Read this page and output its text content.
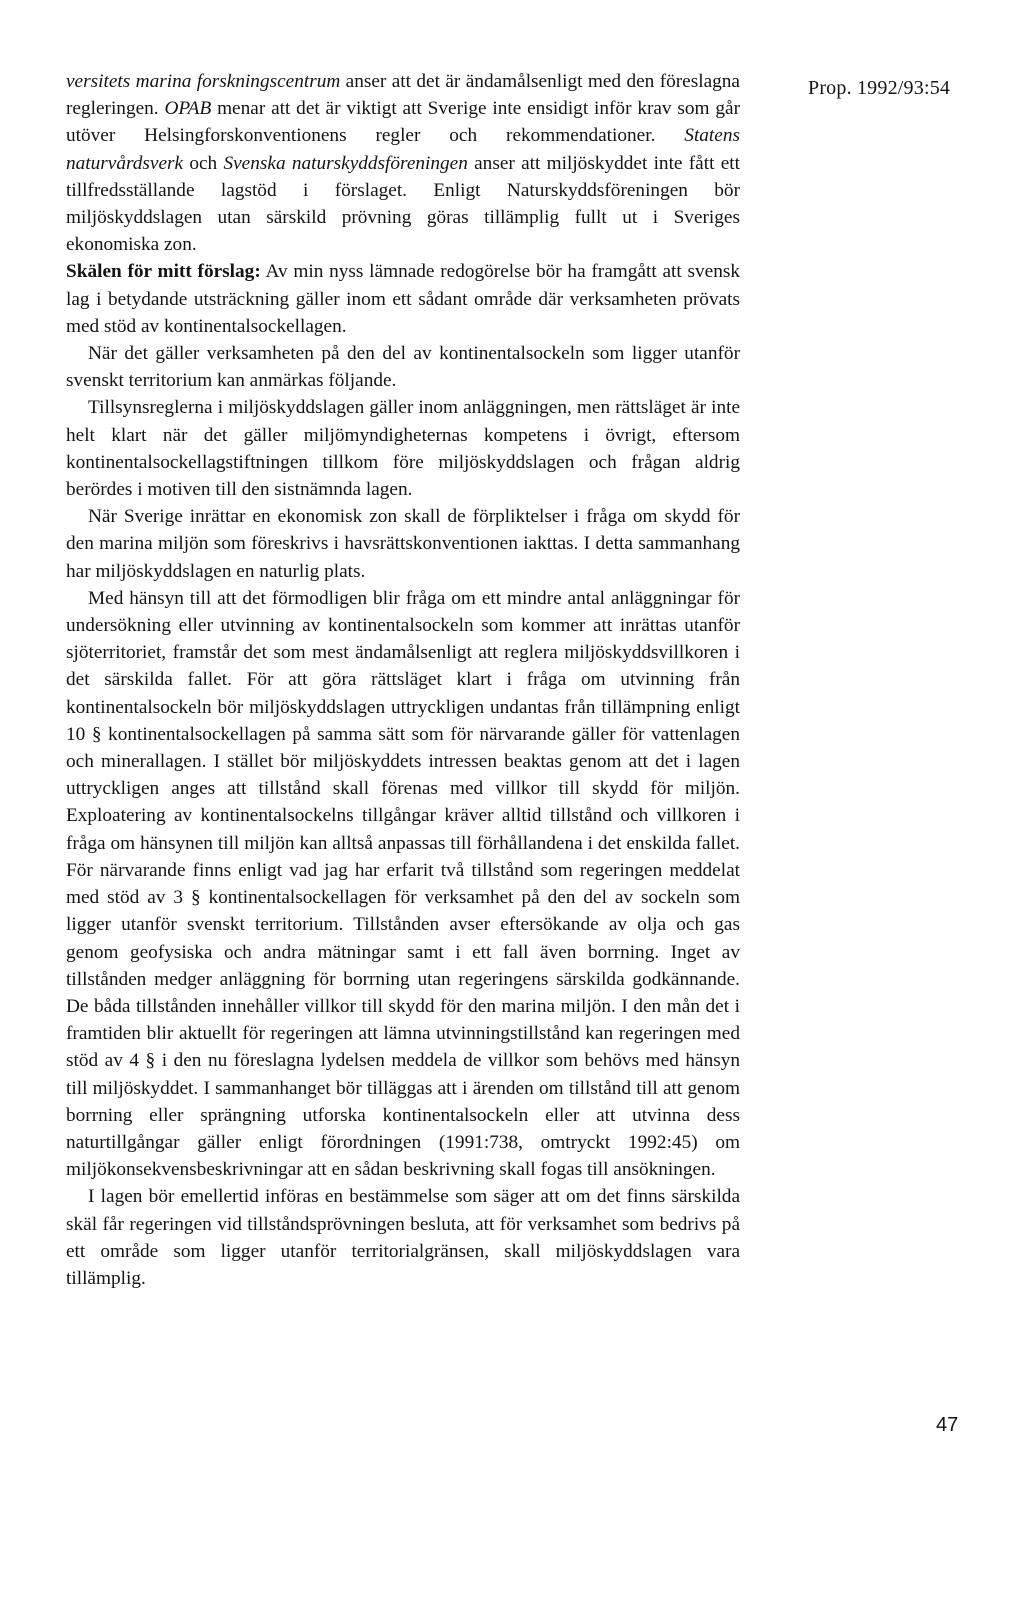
Prop. 1992/93:54

versitets marina forskningscentrum anser att det är ändamålsenligt med den föreslagna regleringen. OPAB menar att det är viktigt att Sverige inte ensidigt inför krav som går utöver Helsingforskonventionens regler och rekommendationer. Statens naturvårdsverk och Svenska naturskyddsföreningen anser att miljöskyddet inte fått ett tillfredsställande lagstöd i förslaget. Enligt Naturskyddsföreningen bör miljöskyddslagen utan särskild prövning göras tillämplig fullt ut i Sveriges ekonomiska zon.

Skälen för mitt förslag: Av min nyss lämnade redogörelse bör ha framgått att svensk lag i betydande utsträckning gäller inom ett sådant område där verksamheten prövats med stöd av kontinentalsockellagen.

När det gäller verksamheten på den del av kontinentalsockeln som ligger utanför svenskt territorium kan anmärkas följande.

Tillsynsreglerna i miljöskyddslagen gäller inom anläggningen, men rättsläget är inte helt klart när det gäller miljömyndigheternas kompetens i övrigt, eftersom kontinentalsockellagstiftningen tillkom före miljöskyddslagen och frågan aldrig berördes i motiven till den sistnämnda lagen.

När Sverige inrättar en ekonomisk zon skall de förpliktelser i fråga om skydd för den marina miljön som föreskrivs i havsrättskonventionen iakttas. I detta sammanhang har miljöskyddslagen en naturlig plats.

Med hänsyn till att det förmodligen blir fråga om ett mindre antal anläggningar för undersökning eller utvinning av kontinentalsockeln som kommer att inrättas utanför sjöterritoriet, framstår det som mest ändamålsenligt att reglera miljöskyddsvillkoren i det särskilda fallet. För att göra rättsläget klart i fråga om utvinning från kontinentalsockeln bör miljöskyddslagen uttryckligen undantas från tillämpning enligt 10 § kontinentalsockellagen på samma sätt som för närvarande gäller för vattenlagen och minerallagen. I stället bör miljöskyddets intressen beaktas genom att det i lagen uttryckligen anges att tillstånd skall förenas med villkor till skydd för miljön. Exploatering av kontinentalsockelns tillgångar kräver alltid tillstånd och villkoren i fråga om hänsynen till miljön kan alltså anpassas till förhållandena i det enskilda fallet. För närvarande finns enligt vad jag har erfarit två tillstånd som regeringen meddelat med stöd av 3 § kontinentalsockellagen för verksamhet på den del av sockeln som ligger utanför svenskt territorium. Tillstånden avser eftersökande av olja och gas genom geofysiska och andra mätningar samt i ett fall även borrning. Inget av tillstånden medger anläggning för borrning utan regeringens särskilda godkännande. De båda tillstånden innehåller villkor till skydd för den marina miljön. I den mån det i framtiden blir aktuellt för regeringen att lämna utvinningstillstånd kan regeringen med stöd av 4 § i den nu föreslagna lydelsen meddela de villkor som behövs med hänsyn till miljöskyddet. I sammanhanget bör tilläggas att i ärenden om tillstånd till att genom borrning eller sprängning utforska kontinentalsockeln eller att utvinna dess naturtillgångar gäller enligt förordningen (1991:738, omtryckt 1992:45) om miljökonsekvensbeskrivningar att en sådan beskrivning skall fogas till ansökningen.

I lagen bör emellertid införas en bestämmelse som säger att om det finns särskilda skäl får regeringen vid tillståndsprövningen besluta, att för verksamhet som bedrivs på ett område som ligger utanför territorialgränsen, skall miljöskyddslagen vara tillämplig.

47
